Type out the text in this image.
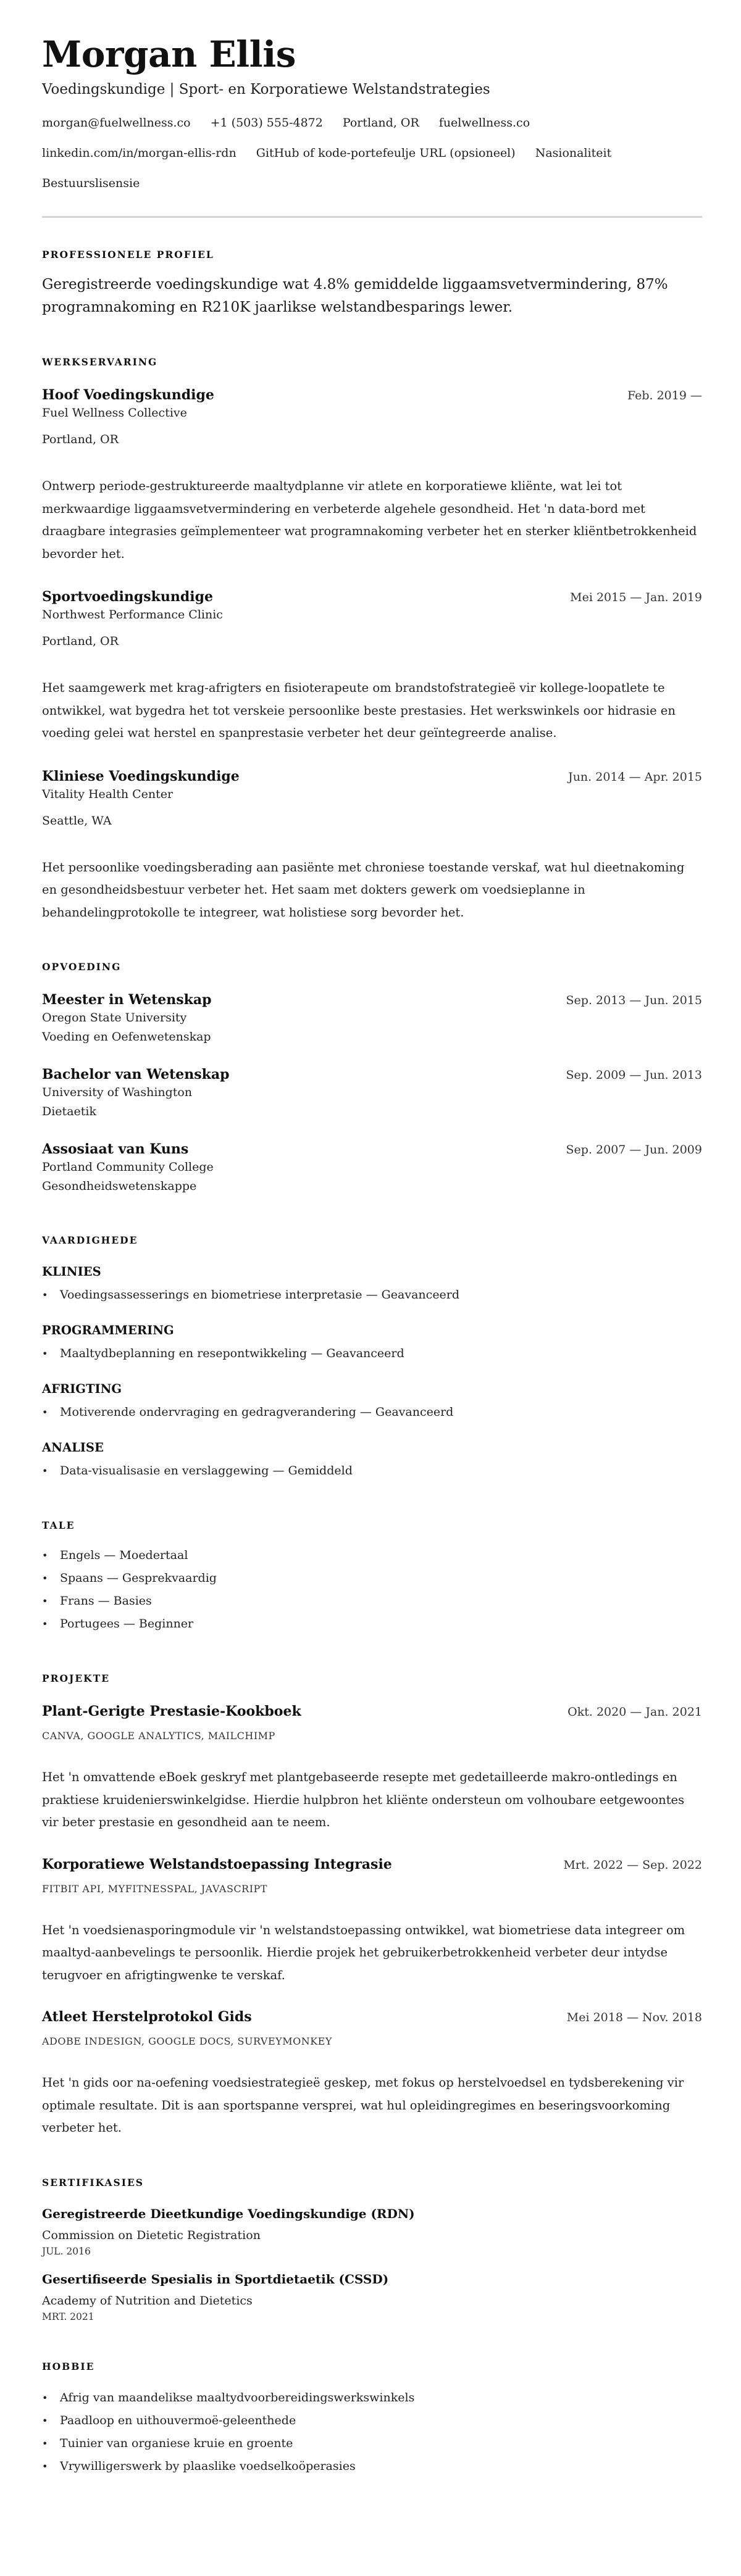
Morgan Ellis
Voedingskundige | Sport- en Korporatiewe Welstandstrategies
morgan@fuelwellness.co +1 (503) 555-4872 Portland, OR fuelwellness.co
linkedin.com/in/morgan-ellis-rdn GitHub of kode-portefeulje URL (opsioneel) Nasionaliteit
Bestuurslisensie
PROFESSIONELE PROFIEL

Geregistreerde voedingskundige wat 4.8% gemiddelde liggaamsvetvermindering, 87% programnakoming en R210K jaarlikse welstandbesparings lewer.

WERKSERVARING
Hoof Voedingskundige	Feb. 2019 —
Fuel Wellness Collective
Portland, OR

Ontwerp periode-gestruktureerde maaltydplanne vir atlete en korporatiewe kliënte, wat lei tot merkwaardige liggaamsvetvermindering en verbeterde algehele gesondheid. Het 'n data-bord met draagbare integrasies geïmplementeer wat programnakoming verbeter het en sterker kliëntbetrokkenheid bevorder het.

Sportvoedingskundige	Mei 2015 — Jan. 2019
Northwest Performance Clinic
Portland, OR

Het saamgewerk met krag-afrigters en fisioterapeute om brandstofstrategieë vir kollege-loopatlete te ontwikkel, wat bygedra het tot verskeie persoonlike beste prestasies. Het werkswinkels oor hidrasie en voeding gelei wat herstel en spanprestasie verbeter het deur geïntegreerde analise.

Kliniese Voedingskundige	Jun. 2014 — Apr. 2015
Vitality Health Center
Seattle, WA

Het persoonlike voedingsberading aan pasiënte met chroniese toestande verskaf, wat hul dieetnakoming en gesondheidsbestuur verbeter het. Het saam met dokters gewerk om voedsieplanne in behandelingprotokolle te integreer, wat holistiese sorg bevorder het.

OPVOEDING
Meester in Wetenskap	Sep. 2013 — Jun. 2015
Oregon State University
Voeding en Oefenwetenskap
Bachelor van Wetenskap	Sep. 2009 — Jun. 2013
University of Washington
Dietaetik
Assosiaat van Kuns	Sep. 2007 — Jun. 2009
Portland Community College
Gesondheidswetenskappe
VAARDIGHEDE
KLINIES
• Voedingsassesserings en biometriese interpretasie — Geavanceerd
PROGRAMMERING
• Maaltydbeplanning en resepontwikkeling — Geavanceerd
AFRIGTING
• Motiverende ondervraging en gedragverandering — Geavanceerd
ANALISE
• Data-visualisasie en verslaggewing — Gemiddeld
TALE
• Engels — Moedertaal
• Spaans — Gesprekvaardig
• Frans — Basies
• Portugees — Beginner
PROJEKTE
Plant-Gerigte Prestasie-Kookboek	Okt. 2020 — Jan. 2021
CANVA, GOOGLE ANALYTICS, MAILCHIMP

Het 'n omvattende eBoek geskryf met plantgebaseerde resepte met gedetailleerde makro-ontledings en praktiese kruidenierswinkelgidse. Hierdie hulpbron het kliënte ondersteun om volhoubare eetgewoontes vir beter prestasie en gesondheid aan te neem.

Korporatiewe Welstandstoepassing Integrasie	Mrt. 2022 — Sep. 2022
FITBIT API, MYFITNESSPAL, JAVASCRIPT

Het 'n voedsienasporingmodule vir 'n welstandstoepassing ontwikkel, wat biometriese data integreer om maaltyd-aanbevelings te persoonlik. Hierdie projek het gebruikerbetrokkenheid verbeter deur intydse terugvoer en afrigtingwenke te verskaf.

Atleet Herstelprotokol Gids	Mei 2018 — Nov. 2018
ADOBE INDESIGN, GOOGLE DOCS, SURVEYMONKEY

Het 'n gids oor na-oefening voedsiestrategieë geskep, met fokus op herstelvoedsel en tydsberekening vir optimale resultate. Dit is aan sportspanne versprei, wat hul opleidingregimes en beseringsvoorkoming verbeter het.

SERTIFIKASIES
Geregistreerde Dieetkundige Voedingskundige (RDN)
Commission on Dietetic Registration
JUL. 2016
Gesertifiseerde Spesialis in Sportdietaetik (CSSD)
Academy of Nutrition and Dietetics
MRT. 2021
HOBBIE
• Afrig van maandelikse maaltydvoorbereidingswerkswinkels
• Paadloop en uithouvermoë-geleenthede
• Tuinier van organiese kruie en groente
• Vrywilligerswerk by plaaslike voedselkoöperasies
